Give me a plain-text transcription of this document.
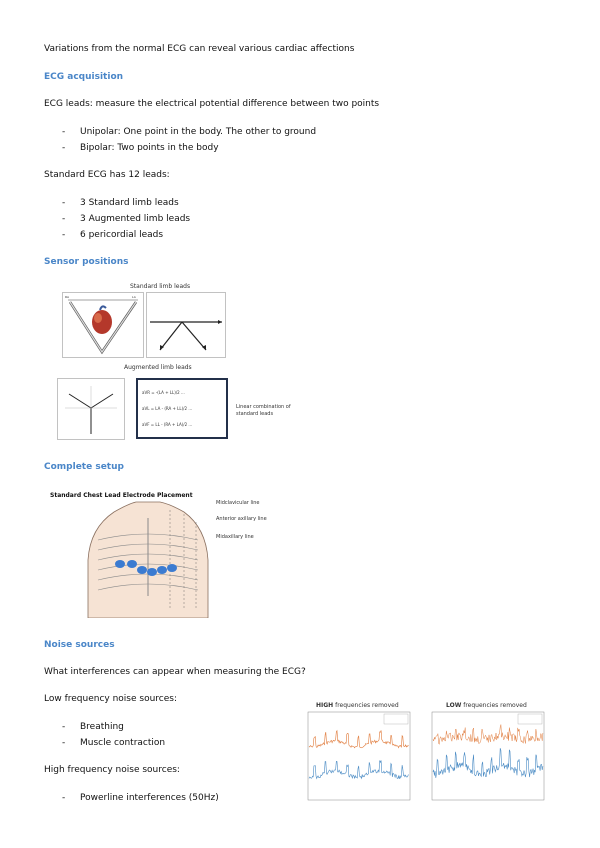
Variations from the normal ECG can reveal various cardiac affections
ECG acquisition
ECG leads: measure the electrical potential difference between two points
- Unipolar: One point in the body. The other to ground
- Bipolar: Two points in the body
Standard ECG has 12 leads:
- 3 Standard limb leads
- 3 Augmented limb leads
- 6 pericordial leads
Sensor positions
Standard limb leads
RA	LA
Augmented limb leads
aVR = -(LA + LL)/2 ...
aVL = LA - (RA + LL)/2 ...
aVF = LL - (RA + LA)/2 ...
Linear combination of standard leads
Complete setup
Standard Chest Lead Electrode Placement
Midclavicular line
Anterior axillary line
Midaxillary line
Noise sources
What interferences can appear when measuring the ECG?
Low frequency noise sources:
- Breathing
- Muscle contraction
High frequency noise sources:
- Powerline interferences (50Hz)
HIGH frequencies removed	LOW frequencies removed
